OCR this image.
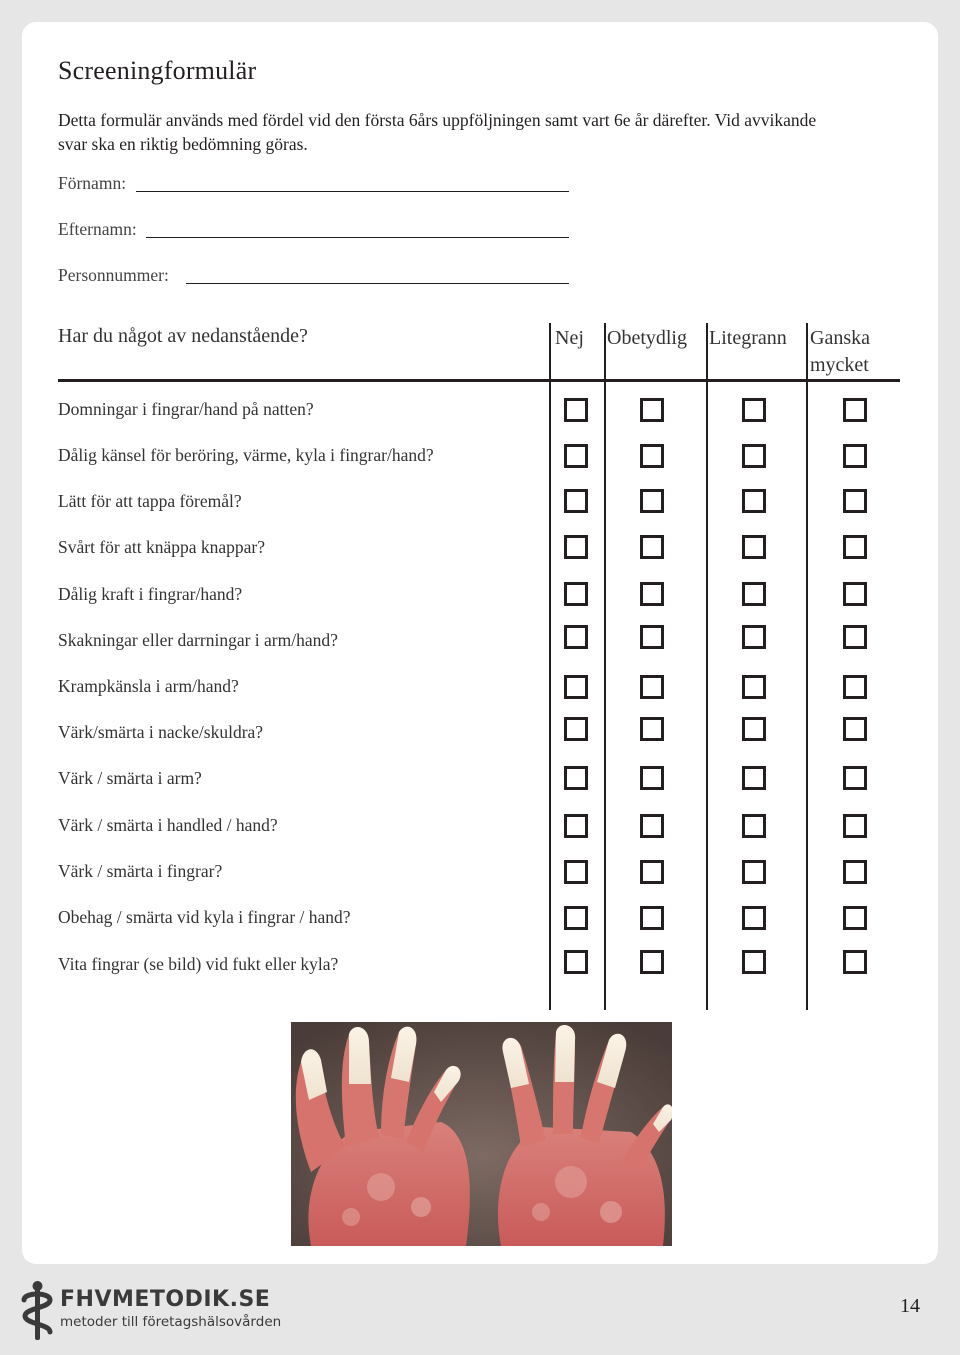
Screeningformulär
Detta formulär används med fördel vid den första 6års uppföljningen samt vart 6e år därefter. Vid avvikande svar ska en riktig bedömning göras.
Förnamn:
Efternamn:
Personnummer:
Har du något av nedanstående?	Nej Obetydlig Litegrann Ganska
mycket
Domningar i fingrar/hand på natten?
Dålig känsel för beröring, värme, kyla i fingrar/hand?
Lätt för att tappa föremål?
Svårt för att knäppa knappar?
Dålig kraft i fingrar/hand?
Skakningar eller darrningar i arm/hand?
Krampkänsla i arm/hand?
Värk/smärta i nacke/skuldra?
Värk / smärta i arm?
Värk / smärta i handled / hand?
Värk / smärta i fingrar?
Obehag / smärta vid kyla i fingrar / hand?
Vita fingrar (se bild) vid fukt eller kyla?
FHVMETODIK.SE
metoder till företagshälsovården
14
